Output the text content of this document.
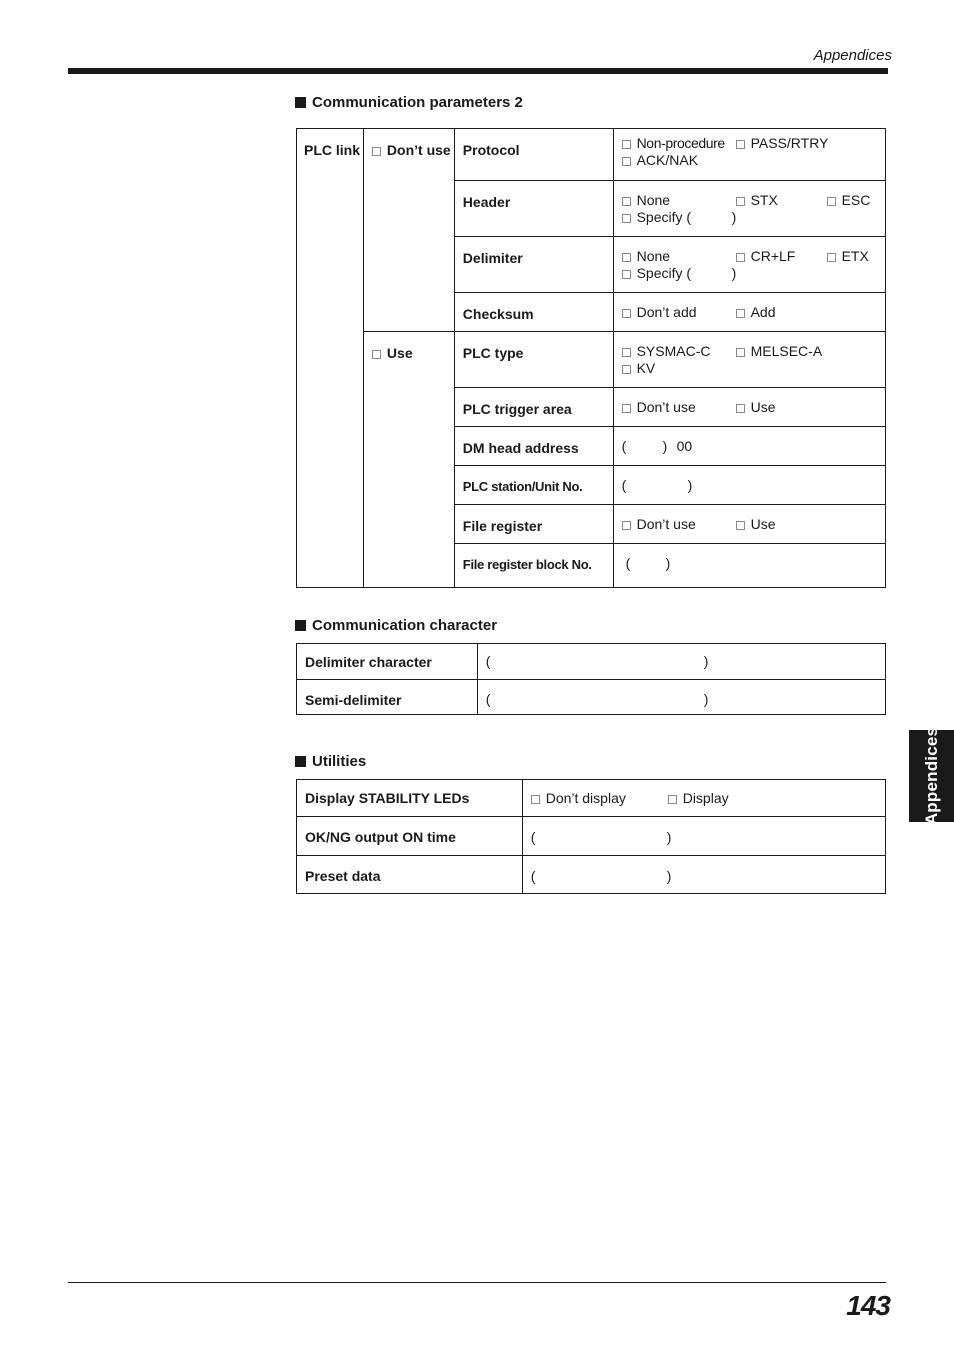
Appendices
Appendices
Communication parameters 2
PLC link	Don’t use	Protocol	Non-procedure PASS/RTRY
ACK/NAK

		Header	None STX ESC
Specify ( )

		Delimiter	None CR+LF ETX
Specify ( )

		Checksum	Don’t add Add

	Use	PLC type	SYSMAC-C MELSEC-A
KV

		PLC trigger area	Don’t use Use

		DM head address	( ) 00

		PLC station/Unit No.	( )

		File register	Don’t use Use

		File register block No.	( )
Communication character
Delimiter character	( )

Semi-delimiter	( )
Utilities
Display STABILITY LEDs	Don’t display Display

OK/NG output ON time	( )

Preset data	( )
143
